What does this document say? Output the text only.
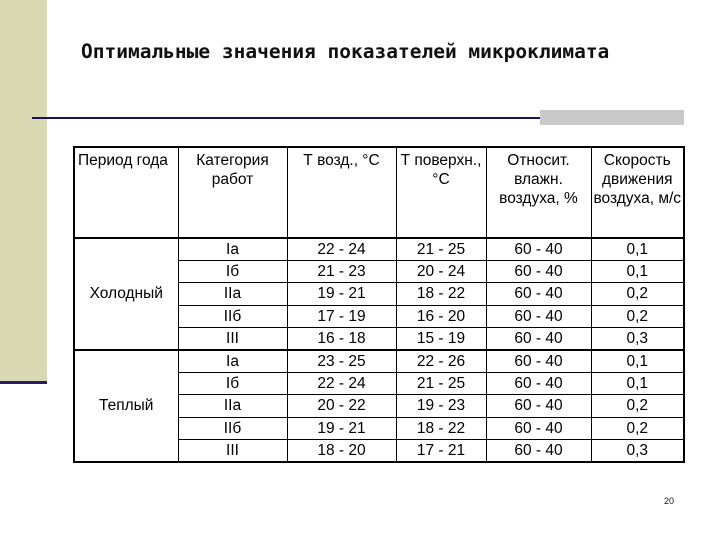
Оптимальные значения показателей микроклимата
Период года	Категория работ	Т возд., °С	Т поверхн., °С	Относит. влажн. воздуха, %	Скорость движения воздуха, м/с
Холодный	Iа	22 - 24	21 - 25	60 - 40	0,1
	Iб	21 - 23	20 - 24	60 - 40	0,1
	IIа	19 - 21	18 - 22	60 - 40	0,2
	IIб	17 - 19	16 - 20	60 - 40	0,2
	III	16 - 18	15 - 19	60 - 40	0,3
Теплый	Iа	23 - 25	22 - 26	60 - 40	0,1
	Iб	22 - 24	21 - 25	60 - 40	0,1
	IIа	20 - 22	19 - 23	60 - 40	0,2
	IIб	19 - 21	18 - 22	60 - 40	0,2
	III	18 - 20	17 - 21	60 - 40	0,3
20
